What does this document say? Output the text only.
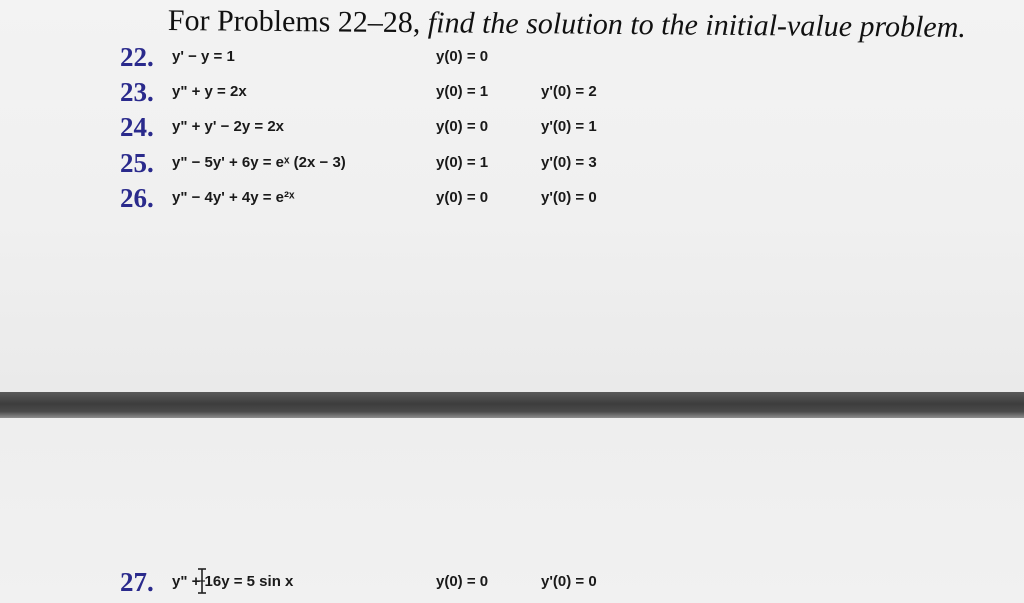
For Problems 22–28, find the solution to the initial-value problem.
22. y' − y = 1	y(0) = 0
23. y" + y = 2x	y(0) = 1	y'(0) = 2
24. y" + y' − 2y = 2x	y(0) = 0	y'(0) = 1
25. y" − 5y' + 6y = eˣ (2x − 3)	y(0) = 1	y'(0) = 3
26. y" − 4y' + 4y = e²ˣ	y(0) = 0	y'(0) = 0
27. y" + 16y = 5 sin x	y(0) = 0	y'(0) = 0
